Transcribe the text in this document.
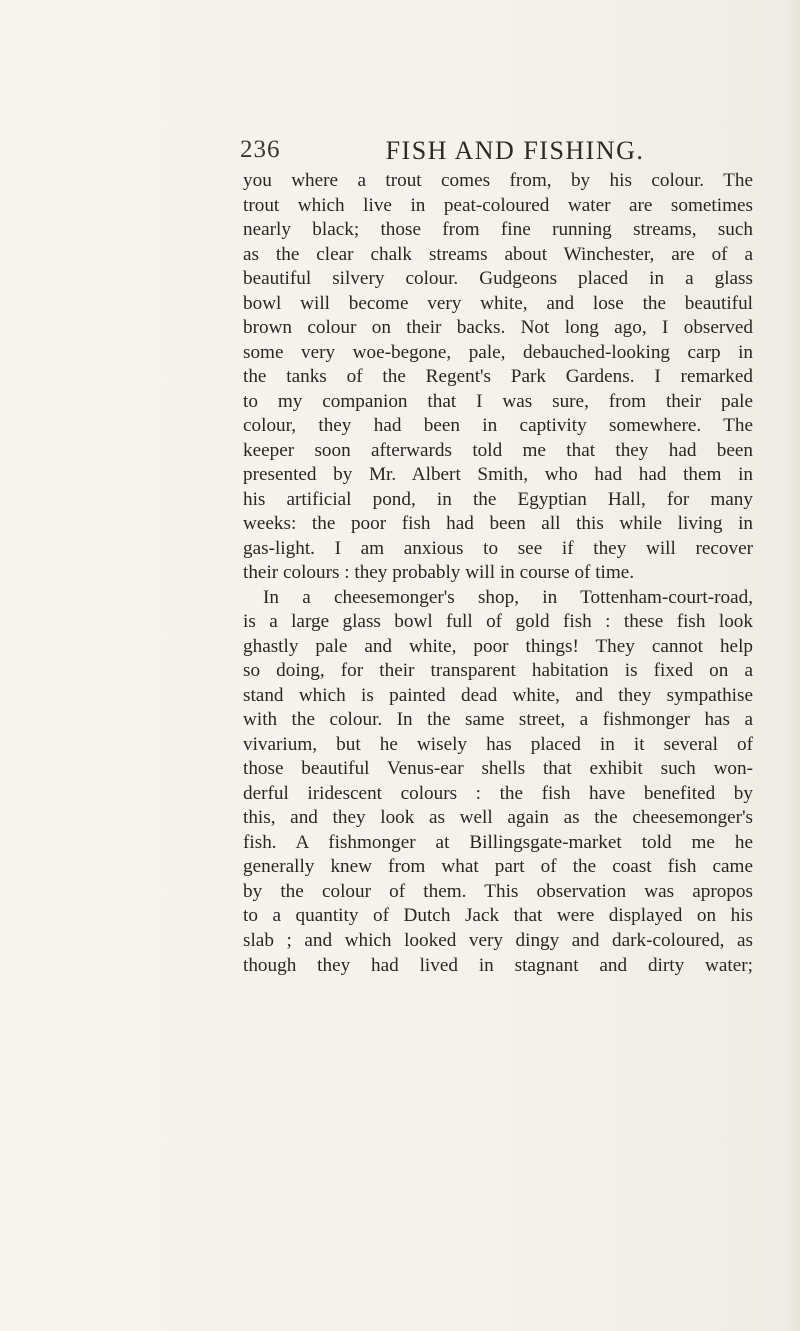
236	FISH AND FISHING.
you where a trout comes from, by his colour. The
trout which live in peat-coloured water are sometimes
nearly black; those from fine running streams, such
as the clear chalk streams about Winchester, are of a
beautiful silvery colour. Gudgeons placed in a glass
bowl will become very white, and lose the beautiful
brown colour on their backs. Not long ago, I observed
some very woe-begone, pale, debauched-looking carp in
the tanks of the Regent's Park Gardens. I remarked
to my companion that I was sure, from their pale
colour, they had been in captivity somewhere. The
keeper soon afterwards told me that they had been
presented by Mr. Albert Smith, who had had them in
his artificial pond, in the Egyptian Hall, for many
weeks: the poor fish had been all this while living in
gas-light. I am anxious to see if they will recover
their colours : they probably will in course of time.
In a cheesemonger's shop, in Tottenham-court-road,
is a large glass bowl full of gold fish : these fish look
ghastly pale and white, poor things! They cannot help
so doing, for their transparent habitation is fixed on a
stand which is painted dead white, and they sympathise
with the colour. In the same street, a fishmonger has a
vivarium, but he wisely has placed in it several of
those beautiful Venus-ear shells that exhibit such won-
derful iridescent colours : the fish have benefited by
this, and they look as well again as the cheesemonger's
fish. A fishmonger at Billingsgate-market told me he
generally knew from what part of the coast fish came
by the colour of them. This observation was apropos
to a quantity of Dutch Jack that were displayed on his
slab ; and which looked very dingy and dark-coloured, as
though they had lived in stagnant and dirty water;
